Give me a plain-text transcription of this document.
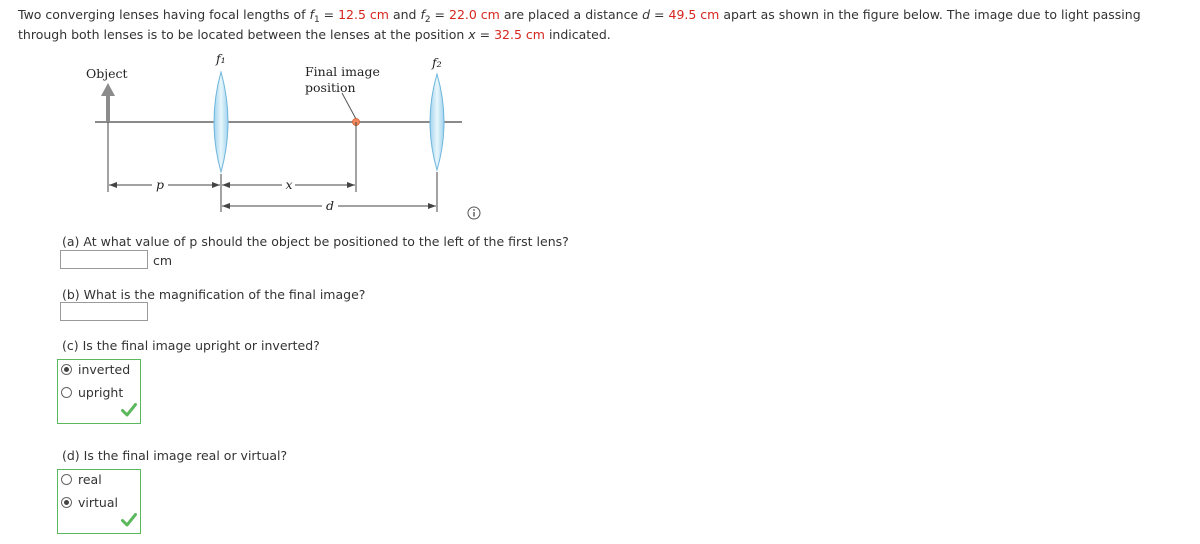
Two converging lenses having focal lengths of $f_1 = 12.5$ cm and $f_2 = 22.0$ cm are placed a distance d = 49.5 cm apart as shown in the figure below. The image due to light passing through both lenses is to be located between the lenses at the position x = 32.5 cm indicated.
p	x
d
Object
f₁	f₂
Final image
position
(a) At what value of p should the object be positioned to the left of the first lens?
cm
(b) What is the magnification of the final image?
(c) Is the final image upright or inverted?
inverted
upright
(d) Is the final image real or virtual?
real
virtual
